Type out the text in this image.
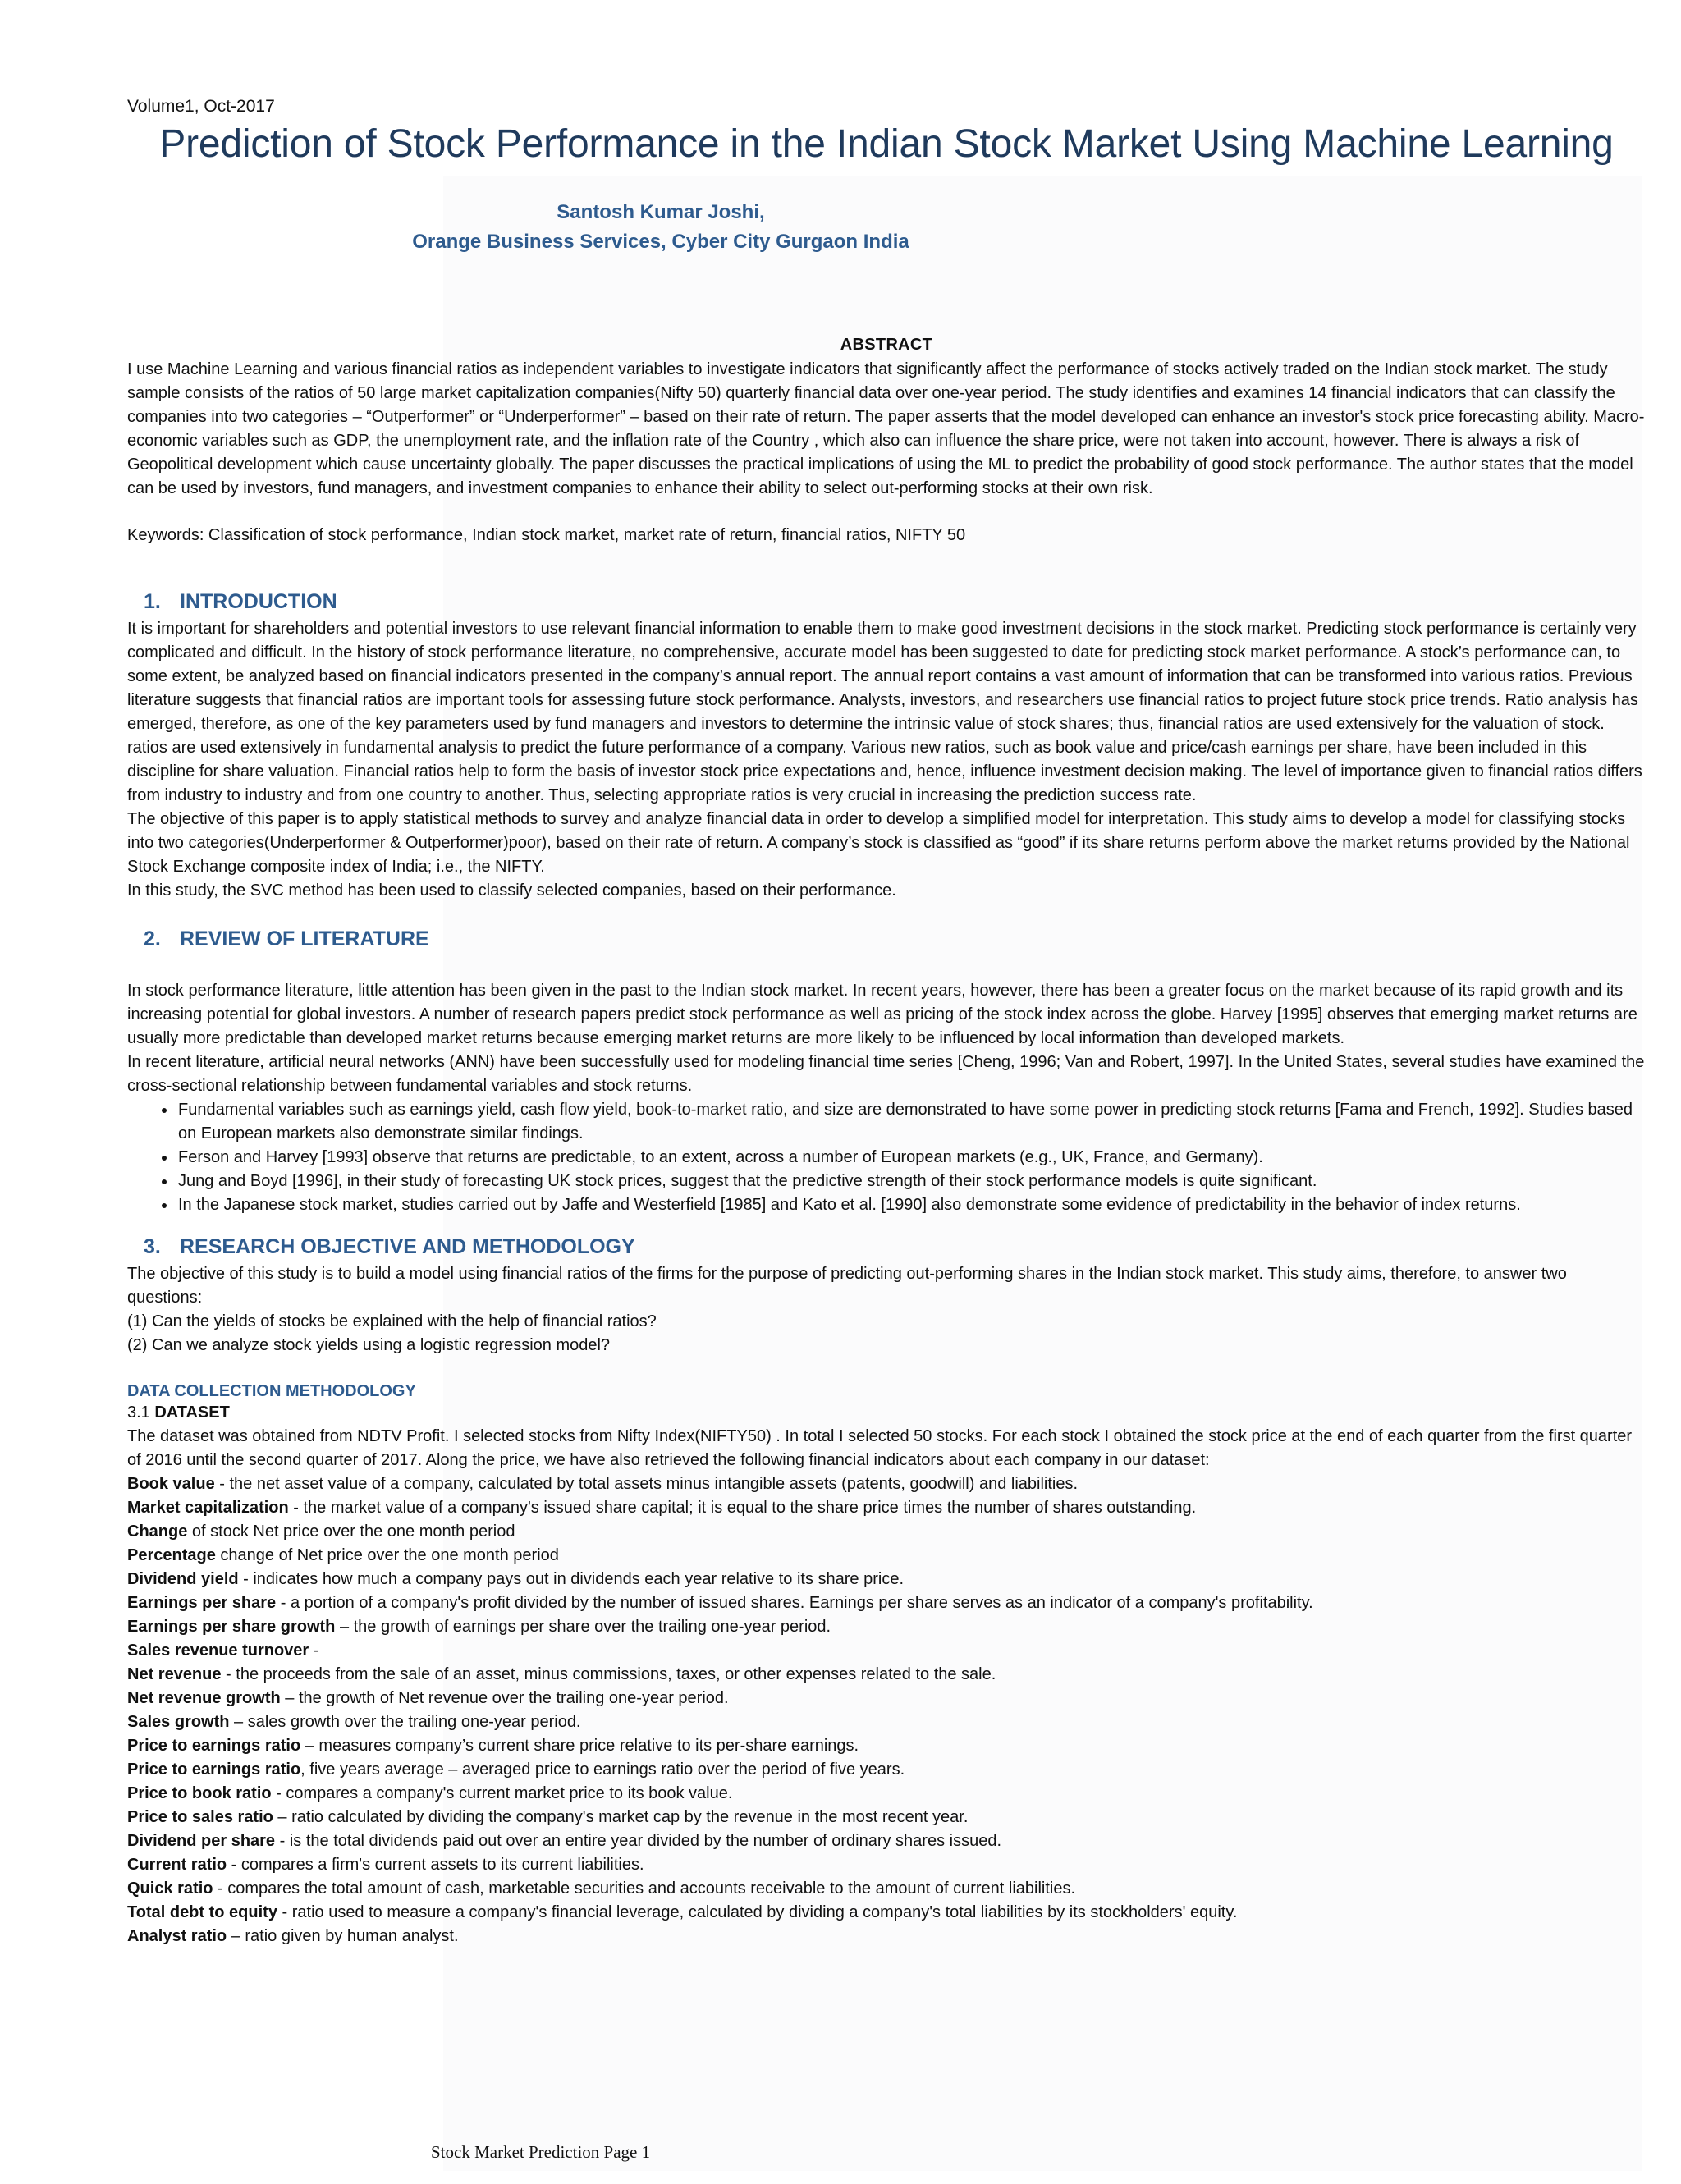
Volume1, Oct-2017
Prediction of Stock Performance in the Indian Stock Market Using Machine Learning
Santosh Kumar Joshi,
Orange Business Services, Cyber City Gurgaon India
ABSTRACT

I use Machine Learning and various financial ratios as independent variables to investigate indicators that significantly affect the performance of stocks actively traded on the Indian stock market. The study sample consists of the ratios of 50 large market capitalization companies(Nifty 50) quarterly financial data over one-year period. The study identifies and examines 14 financial indicators that can classify the companies into two categories – “Outperformer” or “Underperformer” – based on their rate of return. The paper asserts that the model developed can enhance an investor's stock price forecasting ability. Macro-economic variables such as GDP, the unemployment rate, and the inflation rate of the Country , which also can influence the share price, were not taken into account, however. There is always a risk of Geopolitical development which cause uncertainty globally. The paper discusses the practical implications of using the ML to predict the probability of good stock performance. The author states that the model can be used by investors, fund managers, and investment companies to enhance their ability to select out-performing stocks at their own risk.

Keywords: Classification of stock performance, Indian stock market, market rate of return, financial ratios, NIFTY 50

1. INTRODUCTION

It is important for shareholders and potential investors to use relevant financial information to enable them to make good investment decisions in the stock market. Predicting stock performance is certainly very complicated and difficult. In the history of stock performance literature, no comprehensive, accurate model has been suggested to date for predicting stock market performance. A stock’s performance can, to some extent, be analyzed based on financial indicators presented in the company’s annual report. The annual report contains a vast amount of information that can be transformed into various ratios. Previous literature suggests that financial ratios are important tools for assessing future stock performance. Analysts, investors, and researchers use financial ratios to project future stock price trends. Ratio analysis has emerged, therefore, as one of the key parameters used by fund managers and investors to determine the intrinsic value of stock shares; thus, financial ratios are used extensively for the valuation of stock. ratios are used extensively in fundamental analysis to predict the future performance of a company. Various new ratios, such as book value and price/cash earnings per share, have been included in this discipline for share valuation. Financial ratios help to form the basis of investor stock price expectations and, hence, influence investment decision making. The level of importance given to financial ratios differs from industry to industry and from one country to another. Thus, selecting appropriate ratios is very crucial in increasing the prediction success rate.

The objective of this paper is to apply statistical methods to survey and analyze financial data in order to develop a simplified model for interpretation. This study aims to develop a model for classifying stocks into two categories(Underperformer & Outperformer)poor), based on their rate of return. A company’s stock is classified as “good” if its share returns perform above the market returns provided by the National Stock Exchange composite index of India; i.e., the NIFTY.

In this study, the SVC method has been used to classify selected companies, based on their performance.

2. REVIEW OF LITERATURE

In stock performance literature, little attention has been given in the past to the Indian stock market. In recent years, however, there has been a greater focus on the market because of its rapid growth and its increasing potential for global investors. A number of research papers predict stock performance as well as pricing of the stock index across the globe. Harvey [1995] observes that emerging market returns are usually more predictable than developed market returns because emerging market returns are more likely to be influenced by local information than developed markets.

In recent literature, artificial neural networks (ANN) have been successfully used for modeling financial time series [Cheng, 1996; Van and Robert, 1997]. In the United States, several studies have examined the cross-sectional relationship between fundamental variables and stock returns.

• Fundamental variables such as earnings yield, cash flow yield, book-to-market ratio, and size are demonstrated to have some power in predicting stock returns [Fama and French, 1992]. Studies based on European markets also demonstrate similar findings.
• Ferson and Harvey [1993] observe that returns are predictable, to an extent, across a number of European markets (e.g., UK, France, and Germany).
• Jung and Boyd [1996], in their study of forecasting UK stock prices, suggest that the predictive strength of their stock performance models is quite significant.
• In the Japanese stock market, studies carried out by Jaffe and Westerfield [1985] and Kato et al. [1990] also demonstrate some evidence of predictability in the behavior of index returns.
3. RESEARCH OBJECTIVE AND METHODOLOGY

The objective of this study is to build a model using financial ratios of the firms for the purpose of predicting out-performing shares in the Indian stock market. This study aims, therefore, to answer two questions:

(1) Can the yields of stocks be explained with the help of financial ratios?

(2) Can we analyze stock yields using a logistic regression model?

DATA COLLECTION METHODOLOGY

3.1 DATASET

The dataset was obtained from NDTV Profit. I selected stocks from Nifty Index(NIFTY50) . In total I selected 50 stocks. For each stock I obtained the stock price at the end of each quarter from the first quarter of 2016 until the second quarter of 2017. Along the price, we have also retrieved the following financial indicators about each company in our dataset:

Book value - the net asset value of a company, calculated by total assets minus intangible assets (patents, goodwill) and liabilities.

Market capitalization - the market value of a company's issued share capital; it is equal to the share price times the number of shares outstanding.

Change of stock Net price over the one month period

Percentage change of Net price over the one month period

Dividend yield - indicates how much a company pays out in dividends each year relative to its share price.

Earnings per share - a portion of a company's profit divided by the number of issued shares. Earnings per share serves as an indicator of a company's profitability.

Earnings per share growth – the growth of earnings per share over the trailing one-year period.

Sales revenue turnover -

Net revenue - the proceeds from the sale of an asset, minus commissions, taxes, or other expenses related to the sale.

Net revenue growth – the growth of Net revenue over the trailing one-year period.

Sales growth – sales growth over the trailing one-year period.

Price to earnings ratio – measures company’s current share price relative to its per-share earnings.

Price to earnings ratio, five years average – averaged price to earnings ratio over the period of five years.

Price to book ratio - compares a company's current market price to its book value.

Price to sales ratio – ratio calculated by dividing the company's market cap by the revenue in the most recent year.

Dividend per share - is the total dividends paid out over an entire year divided by the number of ordinary shares issued.

Current ratio - compares a firm's current assets to its current liabilities.

Quick ratio - compares the total amount of cash, marketable securities and accounts receivable to the amount of current liabilities.

Total debt to equity - ratio used to measure a company's financial leverage, calculated by dividing a company's total liabilities by its stockholders' equity.

Analyst ratio – ratio given by human analyst.

Stock Market Prediction Page 1
